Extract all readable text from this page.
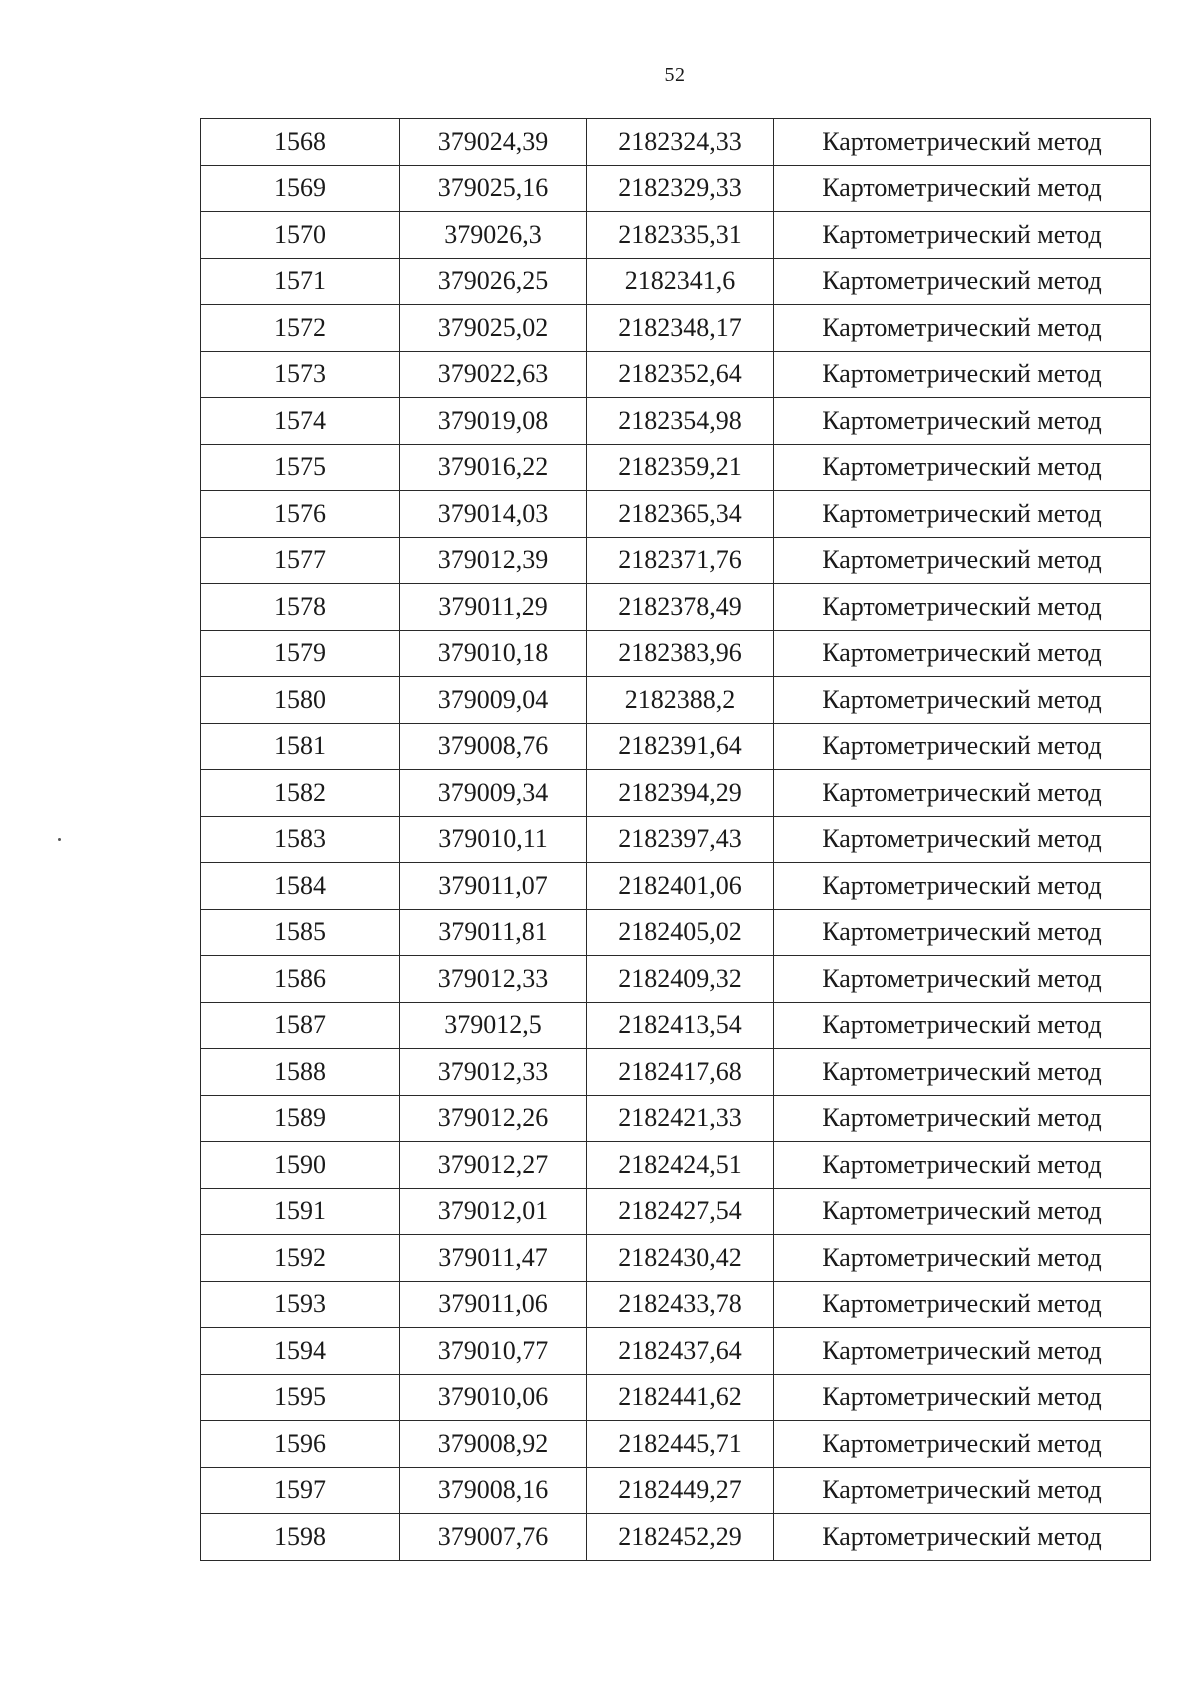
52
1568	379024,39	2182324,33	Картометрический метод
1569	379025,16	2182329,33	Картометрический метод
1570	379026,3	2182335,31	Картометрический метод
1571	379026,25	2182341,6	Картометрический метод
1572	379025,02	2182348,17	Картометрический метод
1573	379022,63	2182352,64	Картометрический метод
1574	379019,08	2182354,98	Картометрический метод
1575	379016,22	2182359,21	Картометрический метод
1576	379014,03	2182365,34	Картометрический метод
1577	379012,39	2182371,76	Картометрический метод
1578	379011,29	2182378,49	Картометрический метод
1579	379010,18	2182383,96	Картометрический метод
1580	379009,04	2182388,2	Картометрический метод
1581	379008,76	2182391,64	Картометрический метод
1582	379009,34	2182394,29	Картометрический метод
1583	379010,11	2182397,43	Картометрический метод
1584	379011,07	2182401,06	Картометрический метод
1585	379011,81	2182405,02	Картометрический метод
1586	379012,33	2182409,32	Картометрический метод
1587	379012,5	2182413,54	Картометрический метод
1588	379012,33	2182417,68	Картометрический метод
1589	379012,26	2182421,33	Картометрический метод
1590	379012,27	2182424,51	Картометрический метод
1591	379012,01	2182427,54	Картометрический метод
1592	379011,47	2182430,42	Картометрический метод
1593	379011,06	2182433,78	Картометрический метод
1594	379010,77	2182437,64	Картометрический метод
1595	379010,06	2182441,62	Картометрический метод
1596	379008,92	2182445,71	Картометрический метод
1597	379008,16	2182449,27	Картометрический метод
1598	379007,76	2182452,29	Картометрический метод
